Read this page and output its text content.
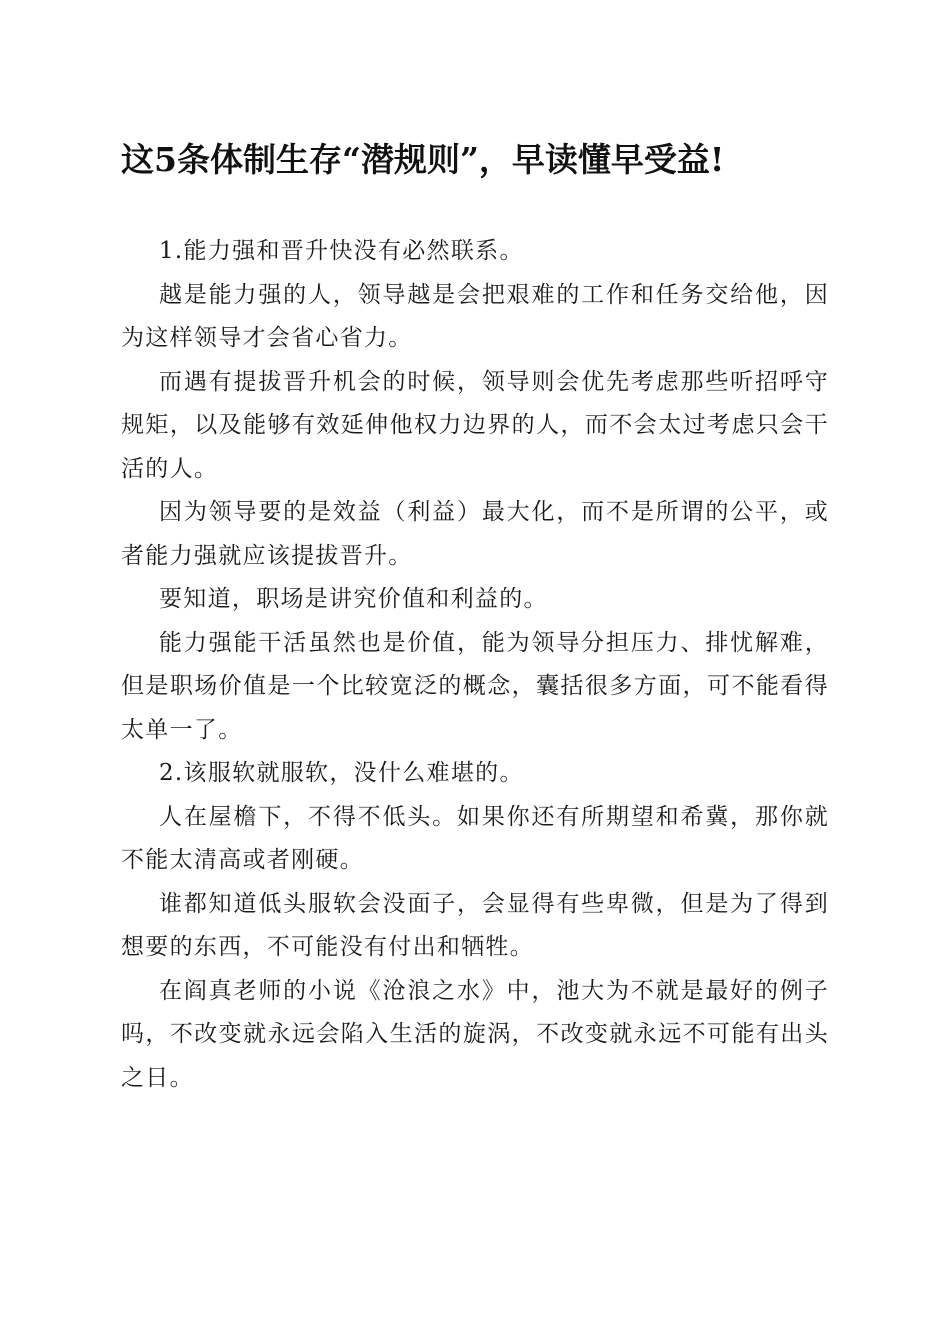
这5条体制生存“潜规则”，早读懂早受益!

1.能力强和晋升快没有必然联系。

越是能力强的人，领导越是会把艰难的工作和任务交给他，因为这样领导才会省心省力。

而遇有提拔晋升机会的时候，领导则会优先考虑那些听招呼守规矩，以及能够有效延伸他权力边界的人，而不会太过考虑只会干活的人。

因为领导要的是效益（利益）最大化，而不是所谓的公平，或者能力强就应该提拔晋升。

要知道，职场是讲究价值和利益的。

能力强能干活虽然也是价值，能为领导分担压力、排忧解难，但是职场价值是一个比较宽泛的概念，囊括很多方面，可不能看得太单一了。

2.该服软就服软，没什么难堪的。

人在屋檐下，不得不低头。如果你还有所期望和希冀，那你就不能太清高或者刚硬。

谁都知道低头服软会没面子，会显得有些卑微，但是为了得到想要的东西，不可能没有付出和牺牲。

在阎真老师的小说《沧浪之水》中，池大为不就是最好的例子吗，不改变就永远会陷入生活的旋涡，不改变就永远不可能有出头之日。
